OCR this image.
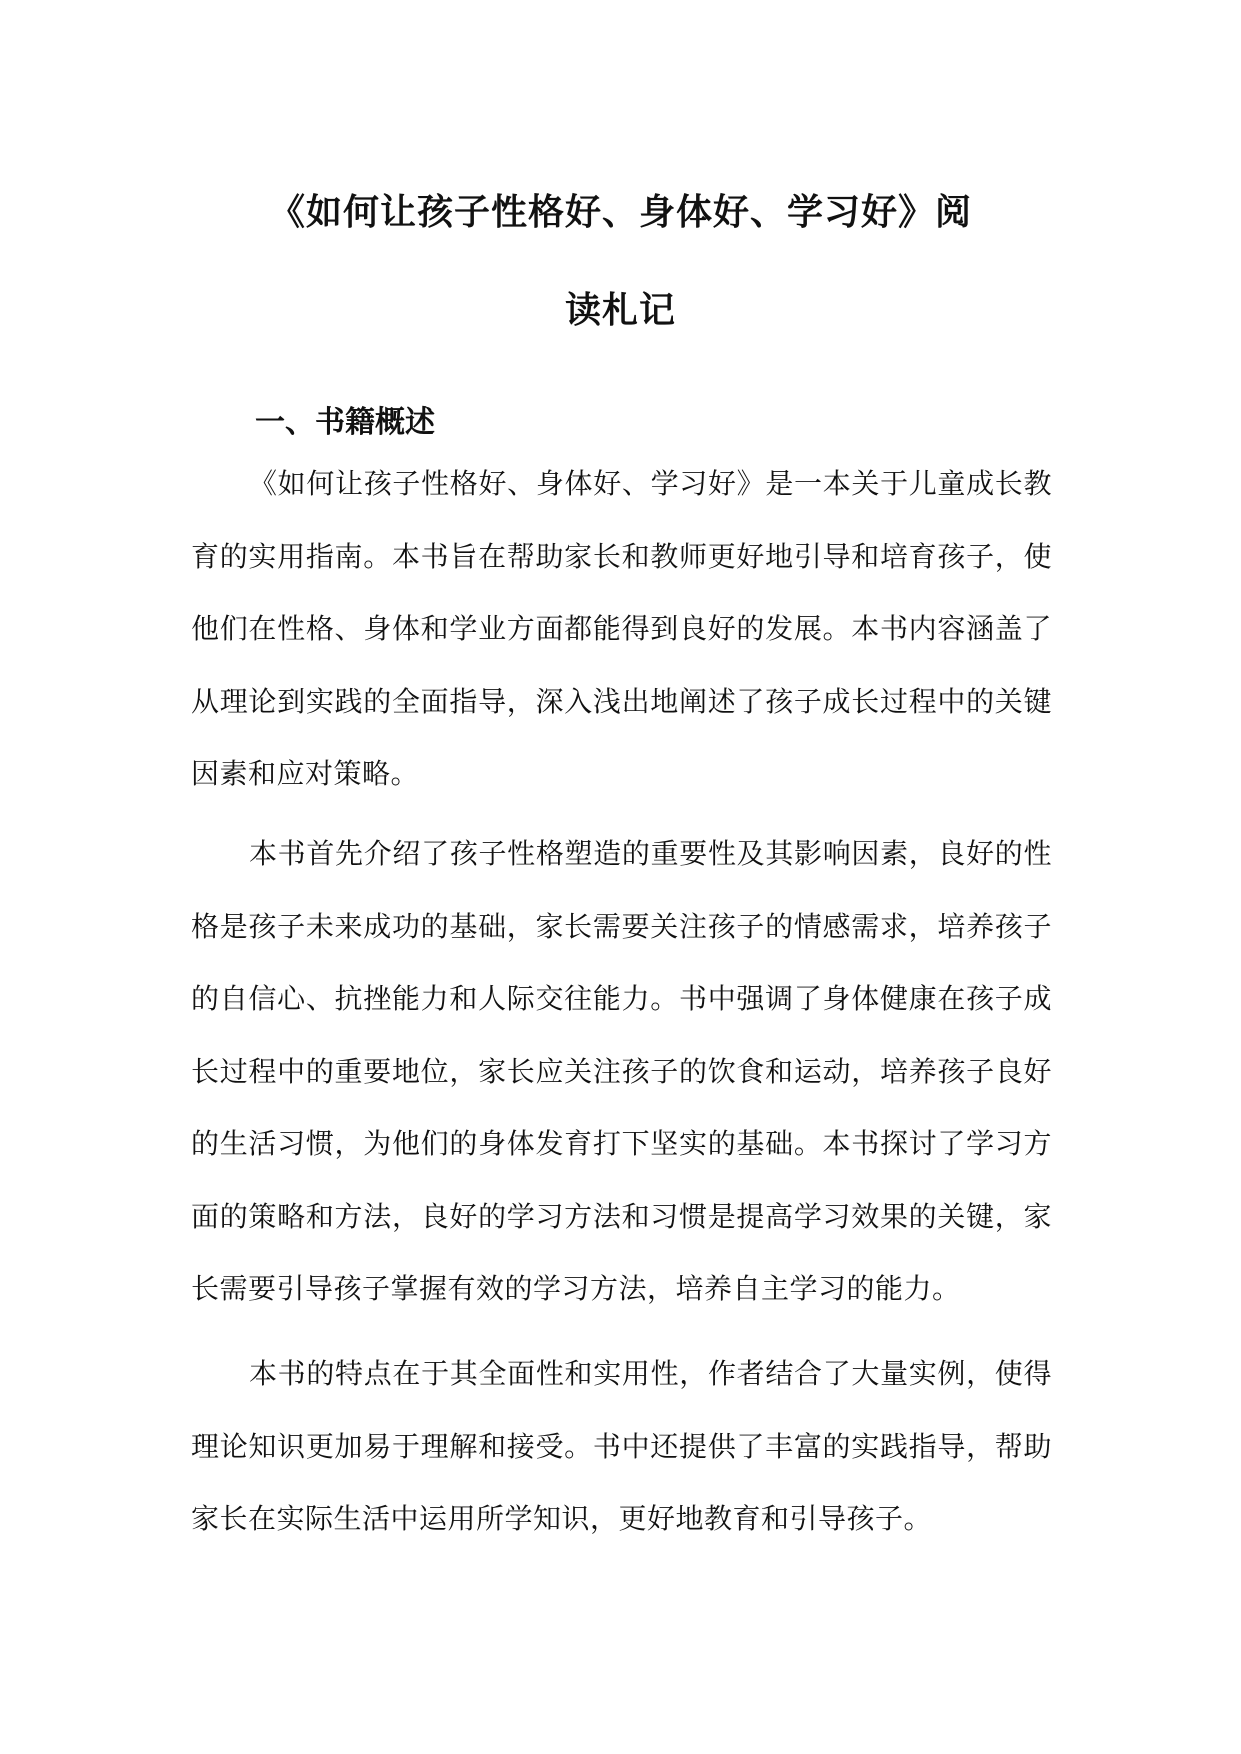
《如何让孩子性格好、身体好、学习好》阅
读札记
一、书籍概述

《如何让孩子性格好、身体好、学习好》是一本关于儿童成长教育的实用指南。本书旨在帮助家长和教师更好地引导和培育孩子，使他们在性格、身体和学业方面都能得到良好的发展。本书内容涵盖了从理论到实践的全面指导，深入浅出地阐述了孩子成长过程中的关键因素和应对策略。

本书首先介绍了孩子性格塑造的重要性及其影响因素，良好的性格是孩子未来成功的基础，家长需要关注孩子的情感需求，培养孩子的自信心、抗挫能力和人际交往能力。书中强调了身体健康在孩子成长过程中的重要地位，家长应关注孩子的饮食和运动，培养孩子良好的生活习惯，为他们的身体发育打下坚实的基础。本书探讨了学习方面的策略和方法，良好的学习方法和习惯是提高学习效果的关键，家长需要引导孩子掌握有效的学习方法，培养自主学习的能力。

本书的特点在于其全面性和实用性，作者结合了大量实例，使得理论知识更加易于理解和接受。书中还提供了丰富的实践指导，帮助家长在实际生活中运用所学知识，更好地教育和引导孩子。
